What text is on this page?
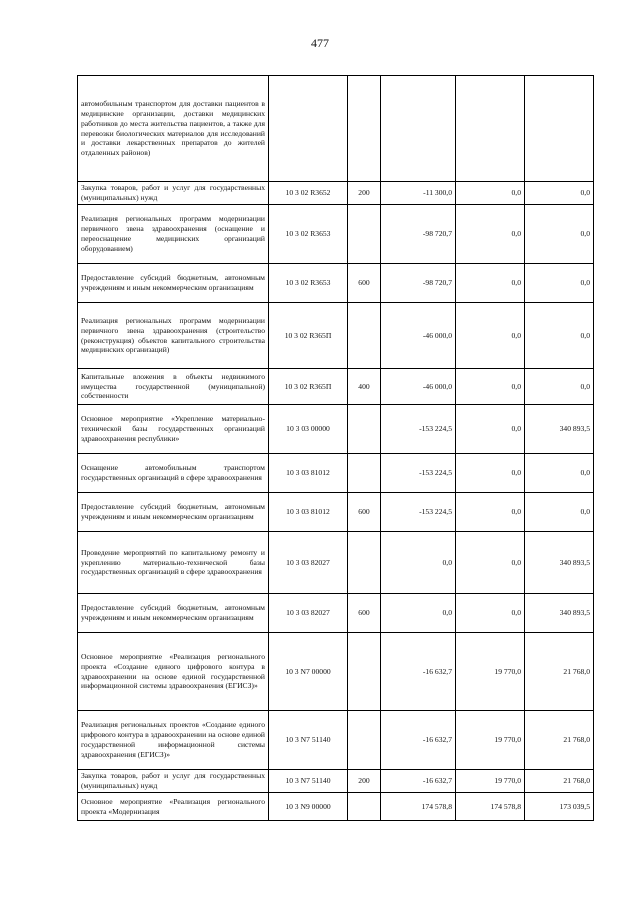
477
автомобильным транспортом для доставки пациентов в медицинские организации, доставки медицинских работников до места жительства пациентов, а также для перевозки биологических материалов для исследований и доставки лекарственных препаратов до жителей отдаленных районов)					
Закупка товаров, работ и услуг для государственных (муниципальных) нужд	10 3 02 R3652	200	-11 300,0	0,0	0,0
Реализация региональных программ модернизации первичного звена здравоохранения (оснащение и переоснащение медицинских организаций оборудованием)	10 3 02 R3653		-98 720,7	0,0	0,0
Предоставление субсидий бюджетным, автономным учреждениям и иным некоммерческим организациям	10 3 02 R3653	600	-98 720,7	0,0	0,0
Реализация региональных программ модернизации первичного звена здравоохранения (строительство (реконструкция) объектов капитального строительства медицинских организаций)	10 3 02 R365П		-46 000,0	0,0	0,0
Капитальные вложения в объекты недвижимого имущества государственной (муниципальной) собственности	10 3 02 R365П	400	-46 000,0	0,0	0,0
Основное мероприятие «Укрепление материально-технической базы государственных организаций здравоохранения республики»	10 3 03 00000		-153 224,5	0,0	340 893,5
Оснащение автомобильным транспортом государственных организаций в сфере здравоохранения	10 3 03 81012		-153 224,5	0,0	0,0
Предоставление субсидий бюджетным, автономным учреждениям и иным некоммерческим организациям	10 3 03 81012	600	-153 224,5	0,0	0,0
Проведение мероприятий по капитальному ремонту и укреплению материально-технической базы государственных организаций в сфере здравоохранения	10 3 03 82027		0,0	0,0	340 893,5
Предоставление субсидий бюджетным, автономным учреждениям и иным некоммерческим организациям	10 3 03 82027	600	0,0	0,0	340 893,5
Основное мероприятие «Реализация регионального проекта «Создание единого цифрового контура в здравоохранении на основе единой государственной информационной системы здравоохранения (ЕГИСЗ)»	10 3 N7 00000		-16 632,7	19 770,0	21 768,0
Реализация региональных проектов «Создание единого цифрового контура в здравоохранении на основе единой государственной информационной системы здравоохранения (ЕГИСЗ)»	10 3 N7 51140		-16 632,7	19 770,0	21 768,0
Закупка товаров, работ и услуг для государственных (муниципальных) нужд	10 3 N7 51140	200	-16 632,7	19 770,0	21 768,0
Основное мероприятие «Реализация регионального проекта «Модернизация	10 3 N9 00000		174 578,8	174 578,8	173 039,5
